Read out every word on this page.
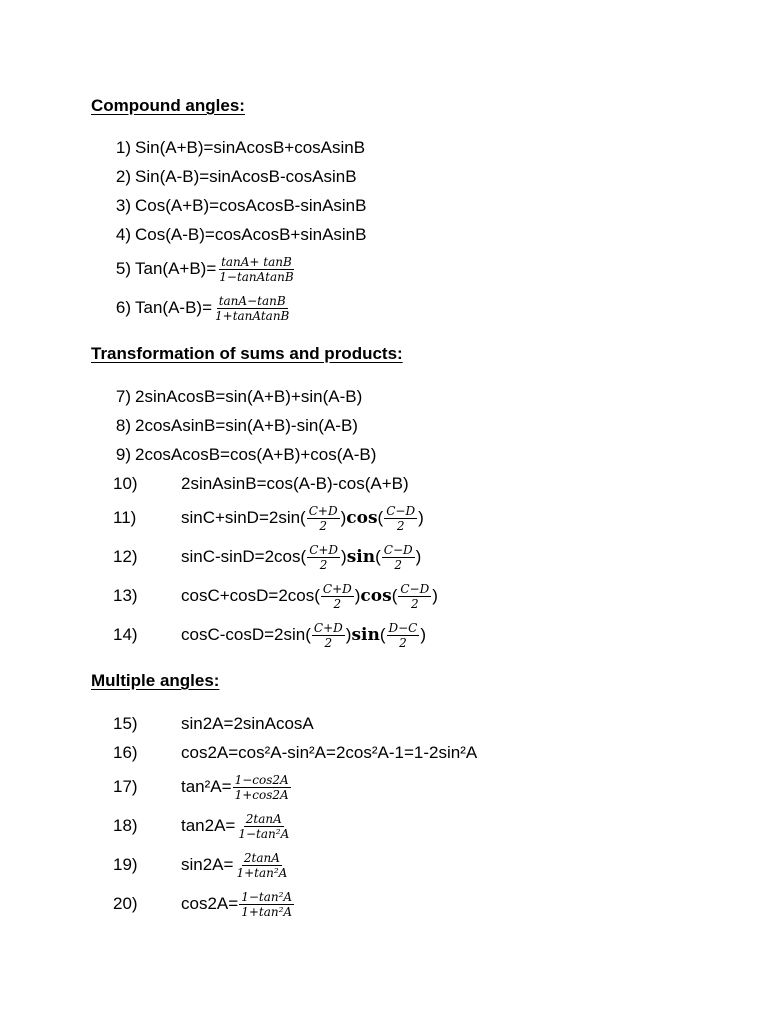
Compound angles:
Transformation of sums and products:
Multiple angles:
1) Sin(A+B)=sinAcosB+cosAsinB
2) Sin(A-B)=sinAcosB-cosAsinB
3) Cos(A+B)=cosAcosB-sinAsinB
4) Cos(A-B)=cosAcosB+sinAsinB
5) $Tan(A+B)= \frac{\tan A+ \tan B}{\text{1−tanAtanB}}$
6) $Tan(A-B)= \frac{\tan A-\tan B}{\text{1+tanAtanB}}$
7) 2sinAcosB=sin(A+B)+sin(A-B)
8) 2cosAsinB=sin(A+B)-sin(A-B)
9) 2cosAcosB=cos(A+B)+cos(A-B)
10)	2sinAsinB=cos(A-B)-cos(A+B)
11)	$\sin C+\sin D=2\sin( \frac{C+D}{2}$ ) cos ( $\frac{C-D}{2}$ )
12)	$\sin C-\sin D=2\cos( \frac{C+D}{2}$ ) sin ( $\frac{C-D}{2}$ )
13)	$\cos C+\cos D=2\cos( \frac{C+D}{2}$ ) cos ( $\frac{C-D}{2}$ )
14)	$\cos C-\cos D=2\sin( \frac{C+D}{2}$ ) sin ( $\frac{D-C}{2}$ )
15)	sin2A=2sinAcosA
16)	cos2A=cos²A-sin²A=2cos²A-1=1-2sin²A
17)	$\tan^2A= \frac{1-\cos 2A}{1+\cos 2A}$
18)	$\tan 2A= \frac{2\tan A}{\text{1−tan²A}}$
19)	$\sin 2A= \frac{2\tan A}{\text{1+tan²A}}$
20)	$\cos 2A= \frac{\text{1−tan²A}}{\text{1+tan²A}}$
